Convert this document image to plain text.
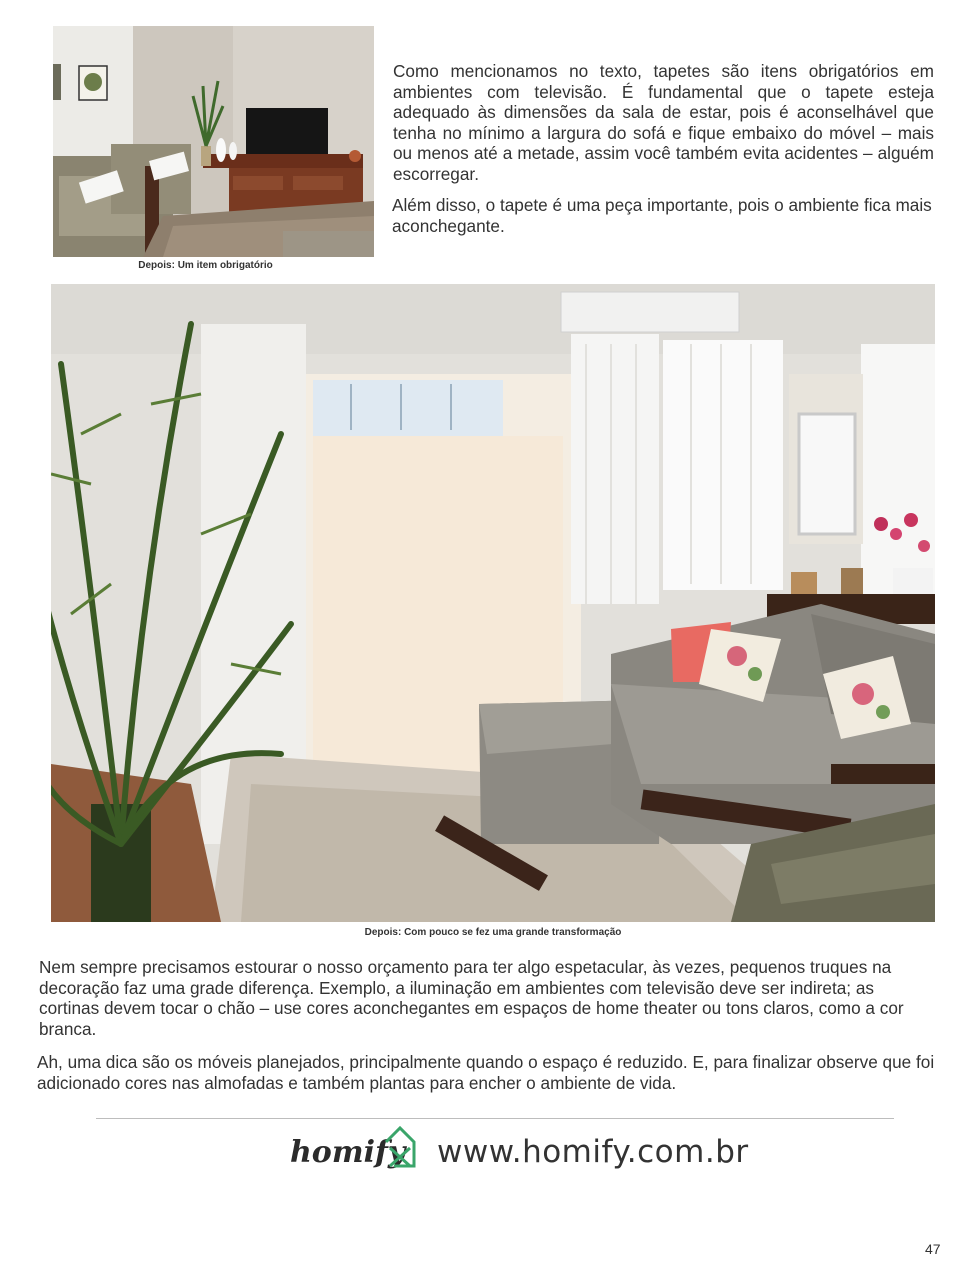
Depois: Um item obrigatório
Como mencionamos no texto, tapetes são itens obrigatórios em ambientes com televisão. É fundamental que o tapete esteja adequado às dimensões da sala de estar, pois é aconselhável que tenha no mínimo a largura do sofá e fique embaixo do móvel – mais ou menos até a metade, assim você também evita acidentes – alguém escorregar.
Além disso, o tapete é uma peça importante, pois o ambiente fica mais aconchegante.
Depois: Com pouco se fez uma grande transformação
Nem sempre precisamos estourar o nosso orçamento para ter algo espetacular, às vezes, pequenos truques na decoração faz uma grade diferença. Exemplo, a iluminação em ambientes com televisão deve ser indireta; as cortinas devem tocar o chão – use cores aconchegantes em espaços de home theater ou tons claros, como a cor branca.
Ah, uma dica são os móveis planejados, principalmente quando o espaço é reduzido. E, para finalizar observe que foi adicionado cores nas almofadas e também plantas para encher o ambiente de vida.
homify www.homify.com.br
47
